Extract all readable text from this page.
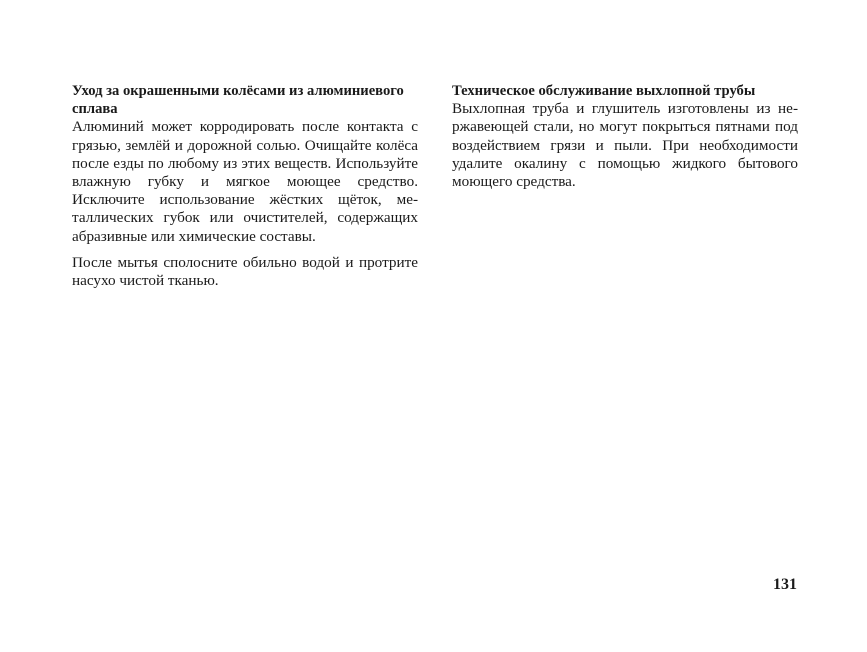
Уход за окрашенными колёсами из алюминиевого сплава

Алюминий может корродировать после контакта с грязью, землёй и дорожной солью. Очищайте колёса после езды по любому из этих веществ. Используйте влажную губку и мягкое моющее средство. Исключите использование жёстких щёток, металлических губок или очистителей, содержащих абразивные или химические составы.

После мытья сполосните обильно водой и протрите насухо чистой тканью.

Техническое обслуживание выхлопной трубы

Выхлопная труба и глушитель изготовлены из нержавеющей стали, но могут покрыться пятнами под воздействием грязи и пыли. При необходимости удалите окалину с помощью жидкого бытового моющего средства.

131
